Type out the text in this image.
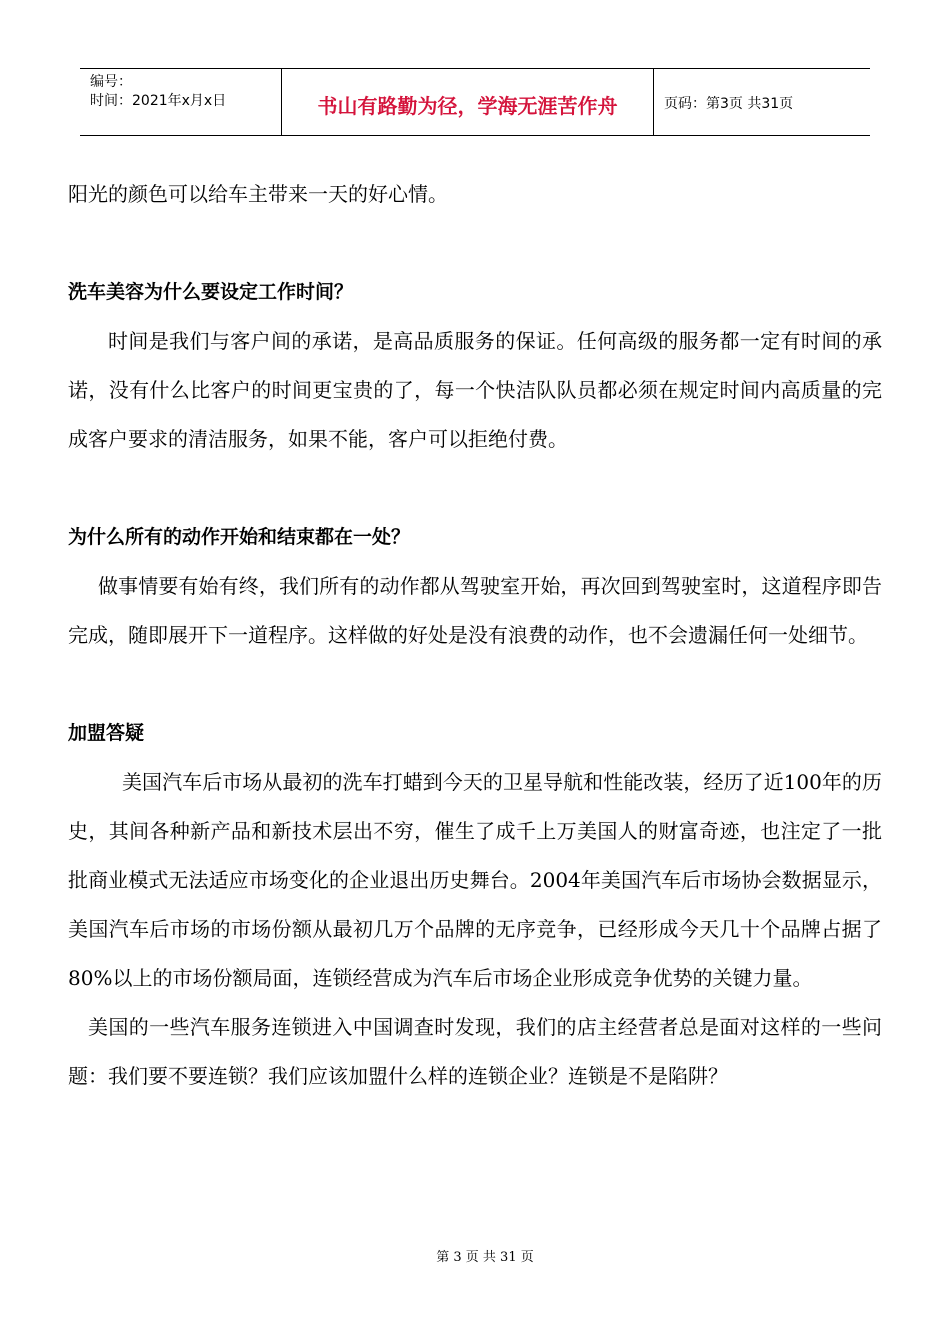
编号：
时间：2021年x月x日	书山有路勤为径，学海无涯苦作舟	页码：第3页 共31页

阳光的颜色可以给车主带来一天的好心情。

洗车美容为什么要设定工作时间？

时间是我们与客户间的承诺，是高品质服务的保证。任何高级的服务都一定有时间的承诺，没有什么比客户的时间更宝贵的了，每一个快洁队队员都必须在规定时间内高质量的完成客户要求的清洁服务，如果不能，客户可以拒绝付费。

为什么所有的动作开始和结束都在一处？

做事情要有始有终，我们所有的动作都从驾驶室开始，再次回到驾驶室时，这道程序即告完成，随即展开下一道程序。这样做的好处是没有浪费的动作，也不会遗漏任何一处细节。

加盟答疑

美国汽车后市场从最初的洗车打蜡到今天的卫星导航和性能改装，经历了近100年的历史，其间各种新产品和新技术层出不穷，催生了成千上万美国人的财富奇迹，也注定了一批批商业模式无法适应市场变化的企业退出历史舞台。2004年美国汽车后市场协会数据显示，美国汽车后市场的市场份额从最初几万个品牌的无序竞争，已经形成今天几十个品牌占据了80%以上的市场份额局面，连锁经营成为汽车后市场企业形成竞争优势的关键力量。

美国的一些汽车服务连锁进入中国调查时发现，我们的店主经营者总是面对这样的一些问题：我们要不要连锁？我们应该加盟什么样的连锁企业？连锁是不是陷阱？

第 3 页 共 31 页
